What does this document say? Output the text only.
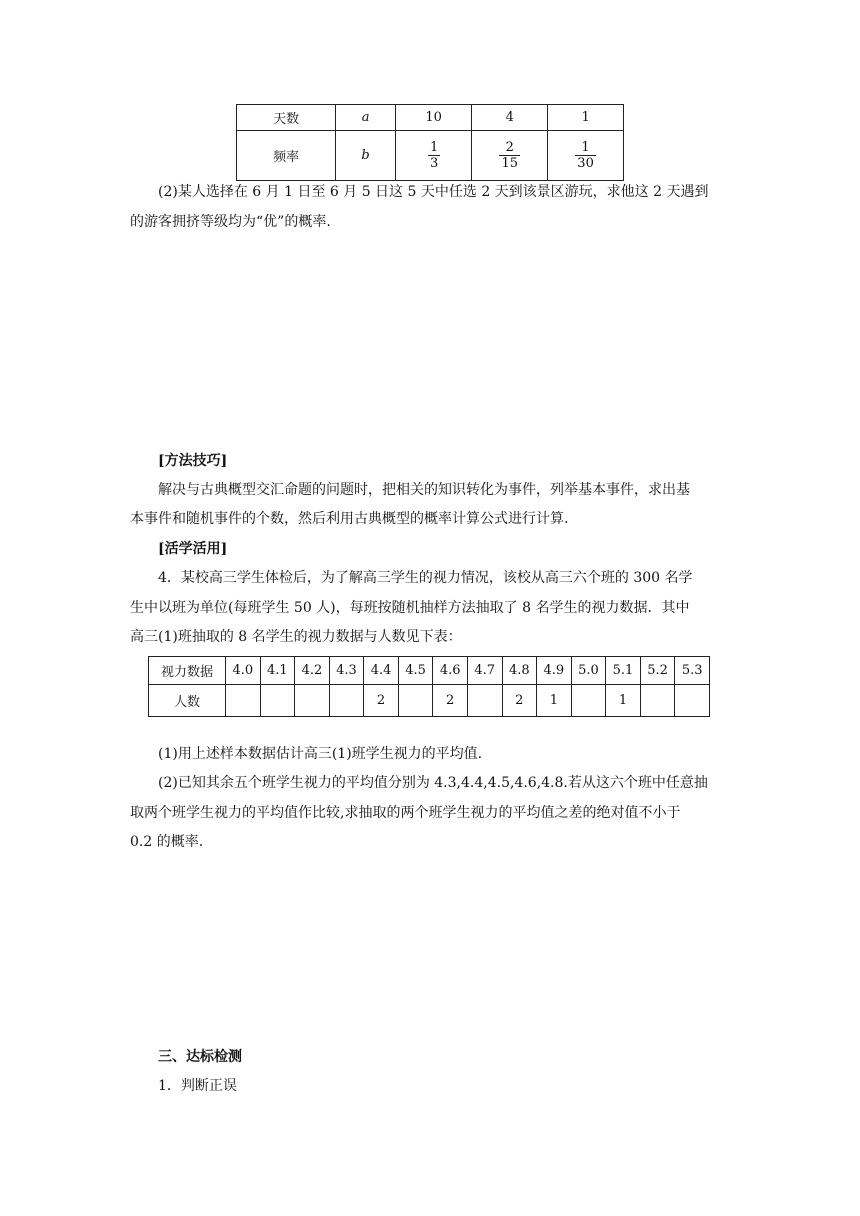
天数	a	10	4	1
频率	b	$\frac{1}{3}$	$\frac{2}{15}$	$\frac{1}{30}$

(2)某人选择在 6 月 1 日至 6 月 5 日这 5 天中任选 2 天到该景区游玩，求他这 2 天遇到

的游客拥挤等级均为“优”的概率.

[方法技巧]

解决与古典概型交汇命题的问题时，把相关的知识转化为事件，列举基本事件，求出基

本事件和随机事件的个数，然后利用古典概型的概率计算公式进行计算.

[活学活用]

4．某校高三学生体检后，为了解高三学生的视力情况，该校从高三六个班的 300 名学

生中以班为单位(每班学生 50 人)，每班按随机抽样方法抽取了 8 名学生的视力数据．其中

高三(1)班抽取的 8 名学生的视力数据与人数见下表：

视力数据	4.0	4.1	4.2	4.3	4.4	4.5	4.6	4.7	4.8	4.9	5.0	5.1	5.2	5.3
人数					2		2		2	1		1		

(1)用上述样本数据估计高三(1)班学生视力的平均值.

(2)已知其余五个班学生视力的平均值分别为 4.3,4.4,4.5,4.6,4.8.若从这六个班中任意抽

取两个班学生视力的平均值作比较,求抽取的两个班学生视力的平均值之差的绝对值不小于

0.2 的概率.

三、达标检测

1．判断正误
